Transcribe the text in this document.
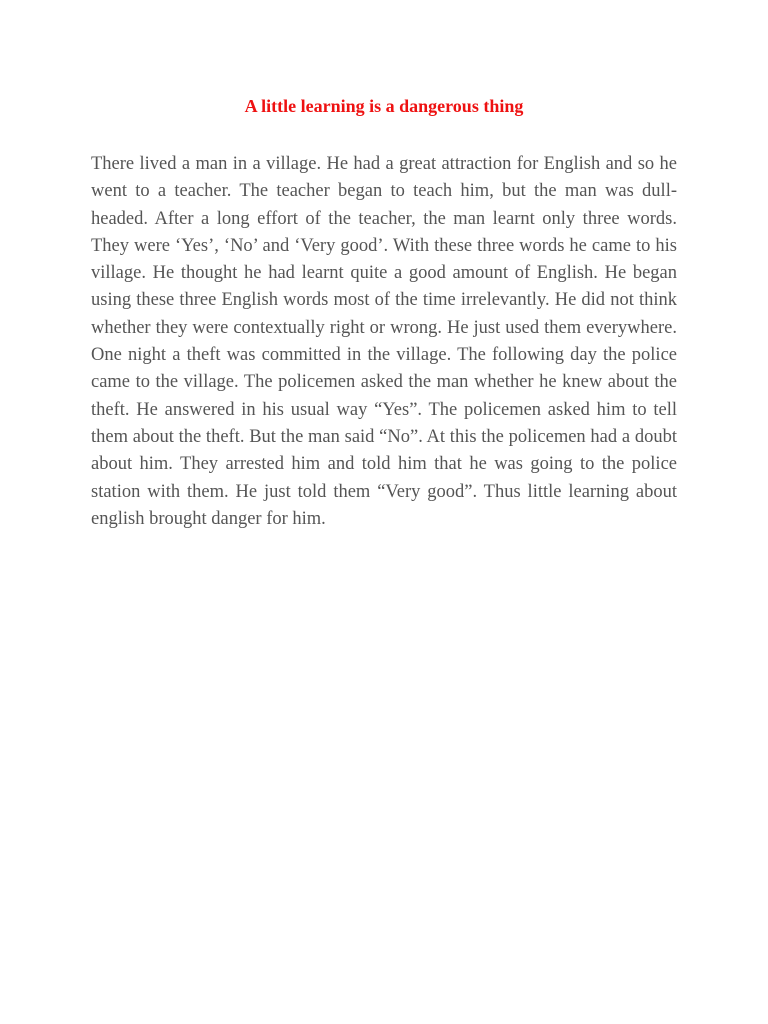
A little learning is a dangerous thing

There lived a man in a village. He had a great attraction for English and so he went to a teacher. The teacher began to teach him, but the man was dull-headed. After a long effort of the teacher, the man learnt only three words. They were ‘Yes’, ‘No’ and ‘Very good’. With these three words he came to his village. He thought he had learnt quite a good amount of English. He began using these three English words most of the time irrelevantly. He did not think whether they were contextually right or wrong. He just used them everywhere. One night a theft was committed in the village. The following day the police came to the village. The policemen asked the man whether he knew about the theft. He answered in his usual way “Yes”. The policemen asked him to tell them about the theft. But the man said “No”. At this the policemen had a doubt about him. They arrested him and told him that he was going to the police station with them. He just told them “Very good”. Thus little learning about english brought danger for him.
